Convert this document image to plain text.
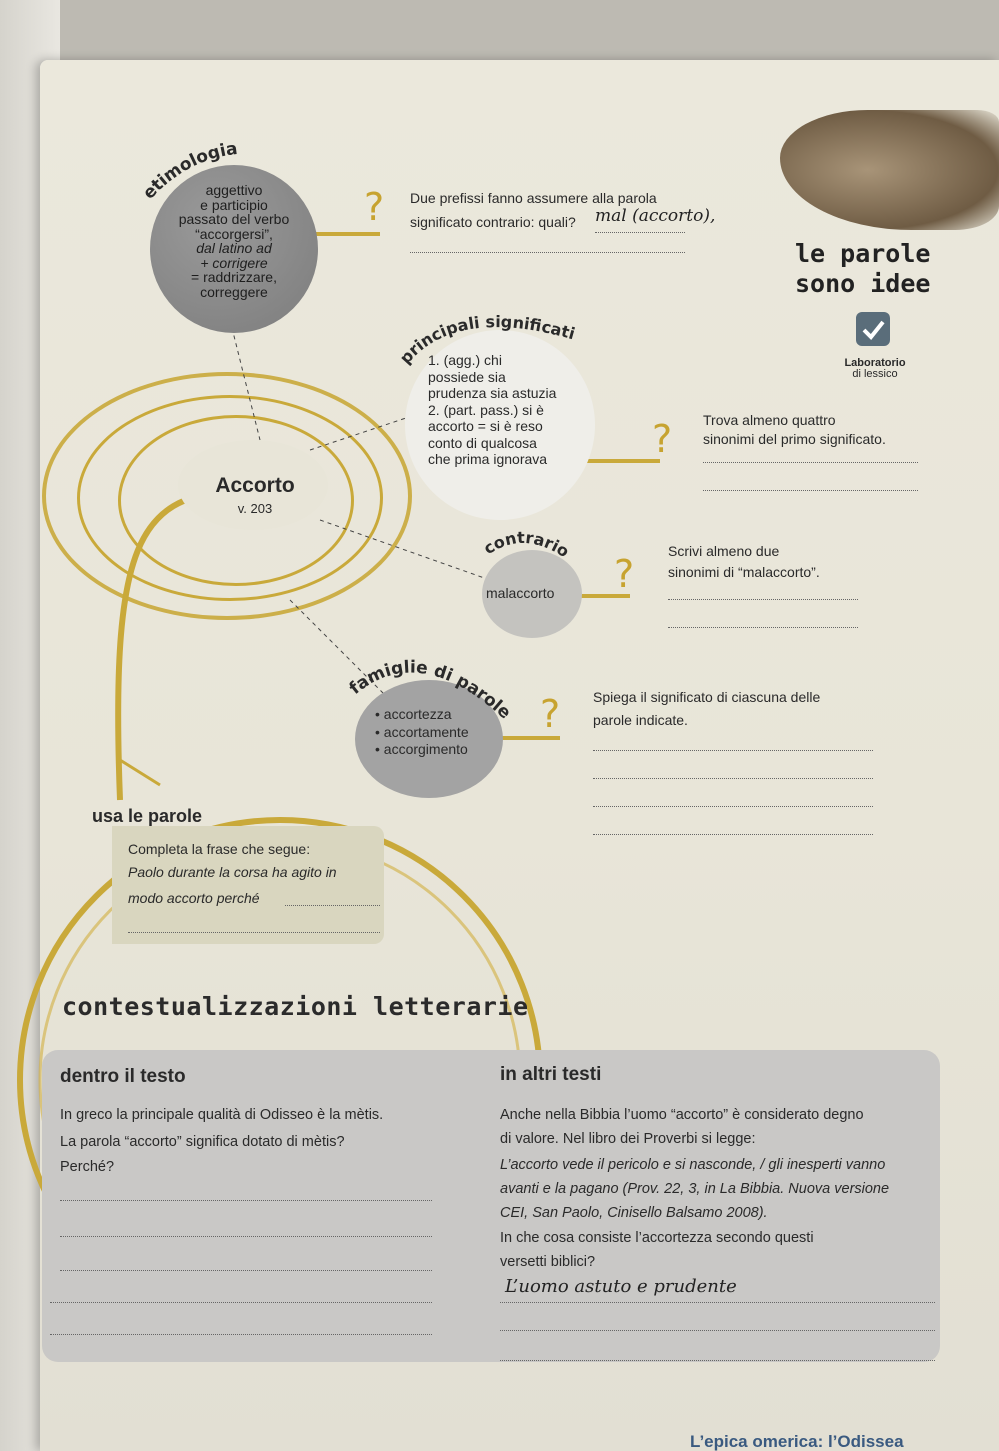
etimologia
aggettivo
e participio
passato del verbo
“accorgersi”,
dal latino ad
+ corrigere
= raddrizzare,
correggere
? Due prefissi fanno assumere alla parola
significato contrario: quali? mal (accorto),
le parole
sono idee
Laboratorio
di lessico
principali significati
1. (agg.) chi
possiede sia
prudenza sia astuzia
2. (part. pass.) si è
accorto = si è reso
conto di qualcosa
che prima ignorava	? Trova almeno quattro
sinonimi del primo significato.
Accorto
v. 203
contrario
malaccorto ?
Scrivi almeno due
sinonimi di “malaccorto”.
famiglie di parole
• accortezza
• accortamente
• accorgimento
? Spiega il significato di ciascuna delle
parole indicate.
usa le parole
Completa la frase che segue:
Paolo durante la corsa ha agito in
modo accorto perché
contestualizzazioni letterarie
dentro il testo	in altri testi
In greco la principale qualità di Odisseo è la mètis.
La parola “accorto” significa dotato di mètis?
Perché?
Anche nella Bibbia l’uomo “accorto” è considerato degno
di valore. Nel libro dei Proverbi si legge:
L’accorto vede il pericolo e si nasconde, / gli inesperti vanno
avanti e la pagano (Prov. 22, 3, in La Bibbia. Nuova versione
CEI, San Paolo, Cinisello Balsamo 2008).
In che cosa consiste l’accortezza secondo questi
versetti biblici?
L’uomo astuto e prudente
L’epica omerica: l’Odissea
